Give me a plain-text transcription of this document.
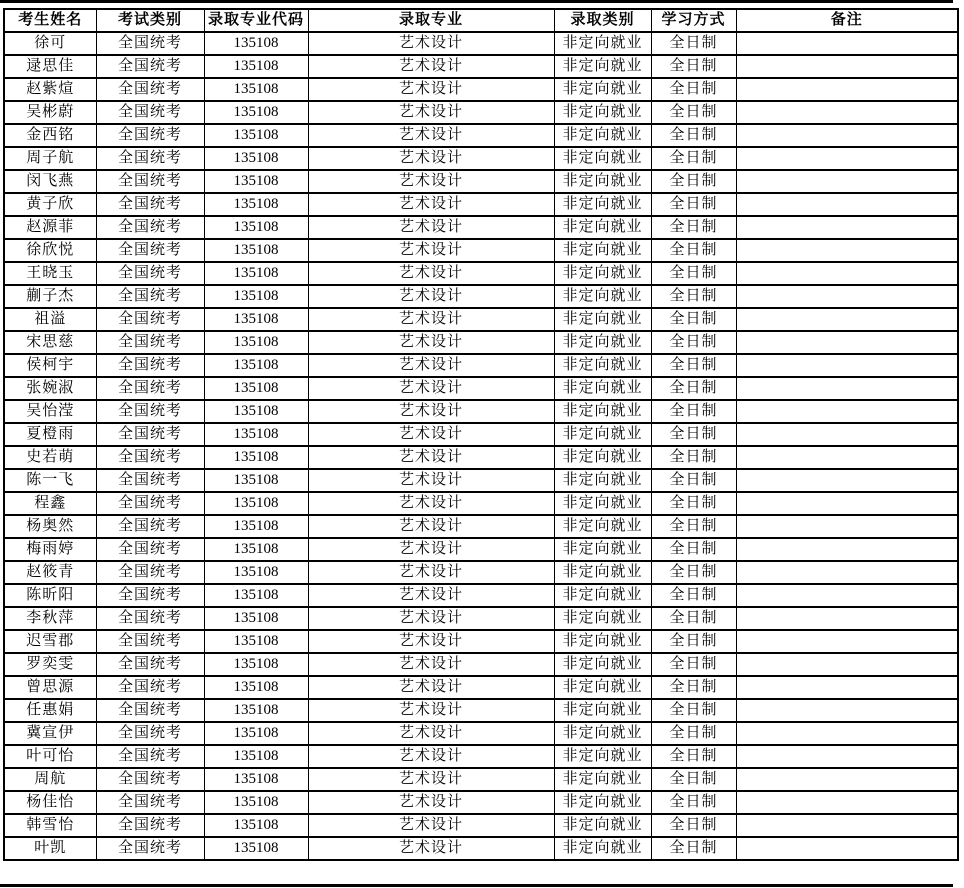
考生姓名	考试类别	录取专业代码	录取专业	录取类别	学习方式	备注
徐可	全国统考	135108	艺术设计	非定向就业	全日制	
逯思佳	全国统考	135108	艺术设计	非定向就业	全日制	
赵紫煊	全国统考	135108	艺术设计	非定向就业	全日制	
吴彬蔚	全国统考	135108	艺术设计	非定向就业	全日制	
金西铭	全国统考	135108	艺术设计	非定向就业	全日制	
周子航	全国统考	135108	艺术设计	非定向就业	全日制	
闵飞燕	全国统考	135108	艺术设计	非定向就业	全日制	
黄子欣	全国统考	135108	艺术设计	非定向就业	全日制	
赵源菲	全国统考	135108	艺术设计	非定向就业	全日制	
徐欣悦	全国统考	135108	艺术设计	非定向就业	全日制	
王晓玉	全国统考	135108	艺术设计	非定向就业	全日制	
蒯子杰	全国统考	135108	艺术设计	非定向就业	全日制	
祖溢	全国统考	135108	艺术设计	非定向就业	全日制	
宋思慈	全国统考	135108	艺术设计	非定向就业	全日制	
侯柯宇	全国统考	135108	艺术设计	非定向就业	全日制	
张婉淑	全国统考	135108	艺术设计	非定向就业	全日制	
吴怡滢	全国统考	135108	艺术设计	非定向就业	全日制	
夏橙雨	全国统考	135108	艺术设计	非定向就业	全日制	
史若萌	全国统考	135108	艺术设计	非定向就业	全日制	
陈一飞	全国统考	135108	艺术设计	非定向就业	全日制	
程鑫	全国统考	135108	艺术设计	非定向就业	全日制	
杨奥然	全国统考	135108	艺术设计	非定向就业	全日制	
梅雨婷	全国统考	135108	艺术设计	非定向就业	全日制	
赵筱青	全国统考	135108	艺术设计	非定向就业	全日制	
陈昕阳	全国统考	135108	艺术设计	非定向就业	全日制	
李秋萍	全国统考	135108	艺术设计	非定向就业	全日制	
迟雪郡	全国统考	135108	艺术设计	非定向就业	全日制	
罗奕雯	全国统考	135108	艺术设计	非定向就业	全日制	
曾思源	全国统考	135108	艺术设计	非定向就业	全日制	
任惠娟	全国统考	135108	艺术设计	非定向就业	全日制	
冀宣伊	全国统考	135108	艺术设计	非定向就业	全日制	
叶可怡	全国统考	135108	艺术设计	非定向就业	全日制	
周航	全国统考	135108	艺术设计	非定向就业	全日制	
杨佳怡	全国统考	135108	艺术设计	非定向就业	全日制	
韩雪怡	全国统考	135108	艺术设计	非定向就业	全日制	
叶凯	全国统考	135108	艺术设计	非定向就业	全日制	
